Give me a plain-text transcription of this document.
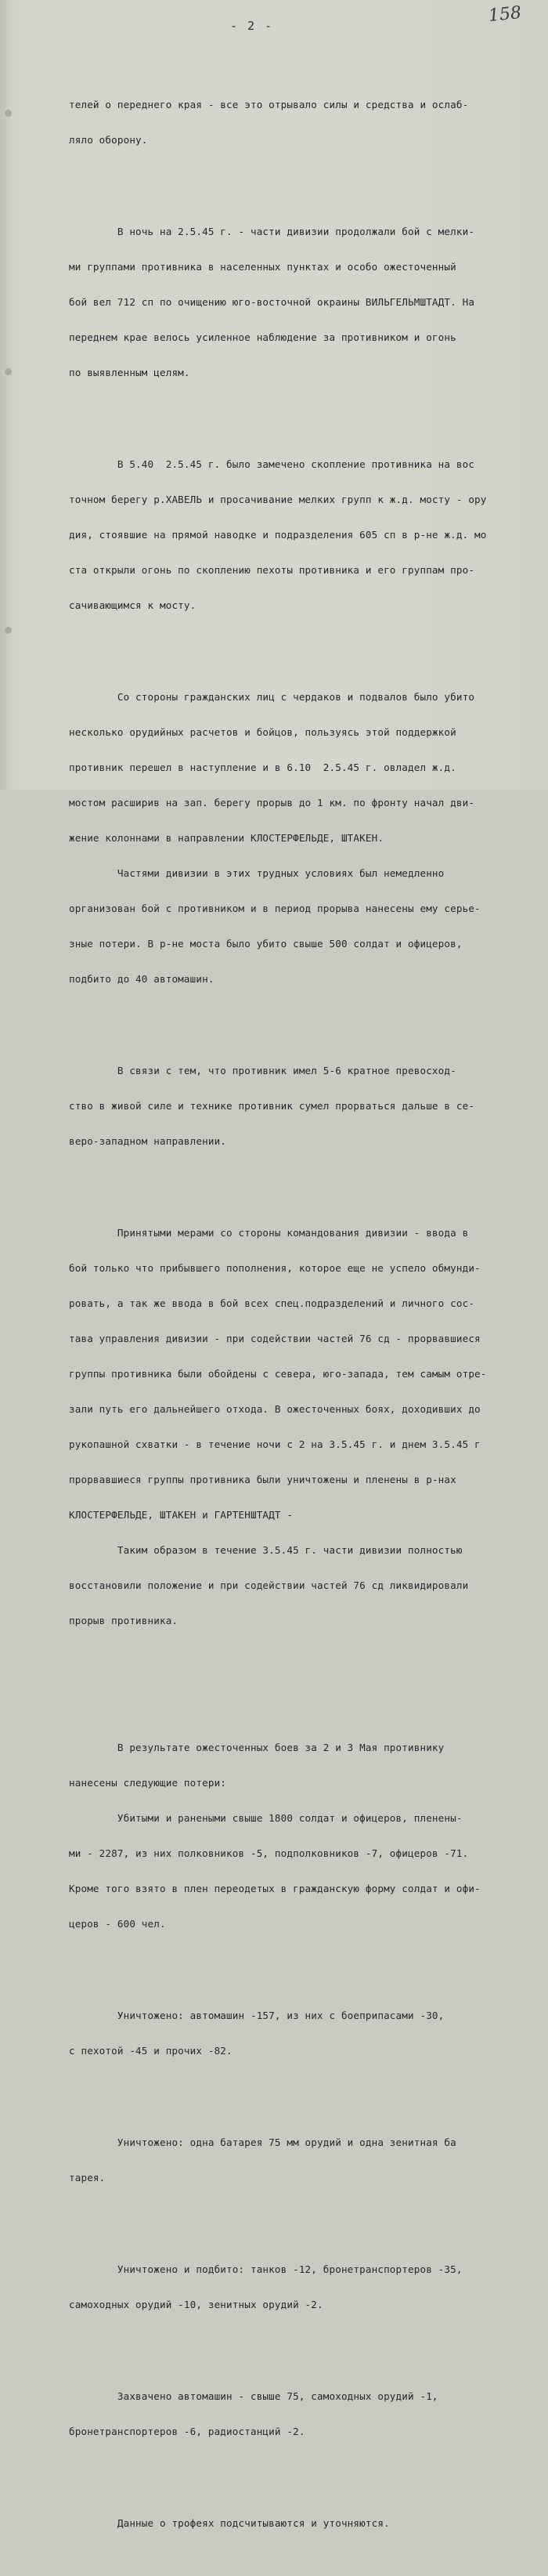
- 2 -	158

телей о переднего края - все это отрывало силы и средства и ослаб-

ляло оборону.

В ночь на 2.5.45 г. - части дивизии продолжали бой с мелки-

ми группами противника в населенных пунктах и особо ожесточенный

бой вел 712 сп по очищению юго-восточной окраины ВИЛЬГЕЛЬМШТАДТ. На

переднем крае велось усиленное наблюдение за противником и огонь

по выявленным целям.

В 5.40  2.5.45 г. было замечено скопление противника на вос

точном берегу р.ХАВЕЛЬ и просачивание мелких групп к ж.д. мосту - ору

дия, стоявшие на прямой наводке и подразделения 605 сп в р-не ж.д. мо

ста открыли огонь по скоплению пехоты противника и его группам про-

сачивающимся к мосту.

Со стороны гражданских лиц с чердаков и подвалов было убито

несколько орудийных расчетов и бойцов, пользуясь этой поддержкой

противник перешел в наступление и в 6.10  2.5.45 г. овладел ж.д.

мостом расширив на зап. берегу прорыв до 1 км. по фронту начал дви-

жение колоннами в направлении КЛОСТЕРФЕЛЬДЕ, ШТАКЕН.

Частями дивизии в этих трудных условиях был немедленно

организован бой с противником и в период прорыва нанесены ему серье-

зные потери. В р-не моста было убито свыше 500 солдат и офицеров,

подбито до 40 автомашин.

В связи с тем, что противник имел 5-6 кратное превосход-

ство в живой силе и технике противник сумел прорваться дальше в се-

веро-западном направлении.

Принятыми мерами со стороны командования дивизии - ввода в

бой только что прибывшего пополнения, которое еще не успело обмунди-

ровать, а так же ввода в бой всех спец.подразделений и личного сос-

тава управления дивизии - при содействии частей 76 сд - прорвавшиеся

группы противника были обойдены с севера, юго-запада, тем самым отре-

зали путь его дальнейшего отхода. В ожесточенных боях, доходивших до

рукопашной схватки - в течение ночи с 2 на 3.5.45 г. и днем 3.5.45 г

прорвавшиеся группы противника были уничтожены и пленены в р-нах

КЛОСТЕРФЕЛЬДЕ, ШТАКЕН и ГАРТЕНШТАДТ -

Таким образом в течение 3.5.45 г. части дивизии полностью

восстановили положение и при содействии частей 76 сд ликвидировали

прорыв противника.

В результате ожесточенных боев за 2 и 3 Мая противнику

нанесены следующие потери:

Убитыми и ранеными свыше 1800 солдат и офицеров, пленены-

ми - 2287, из них полковников -5, подполковников -7, офицеров -71.

Кроме того взято в плен переодетых в гражданскую форму солдат и офи-

церов - 600 чел.

Уничтожено: автомашин -157, из них с боеприпасами -30,

с пехотой -45 и прочих -82.

Уничтожено: одна батарея 75 мм орудий и одна зенитная ба

тарея.

Уничтожено и подбито: танков -12, бронетранспортеров -35,

самоходных орудий -10, зенитных орудий -2.

Захвачено автомашин - свыше 75, самоходных орудий -1,

бронетранспортеров -6, радиостанций -2.

Данные о трофеях подсчитываются и уточняются.
